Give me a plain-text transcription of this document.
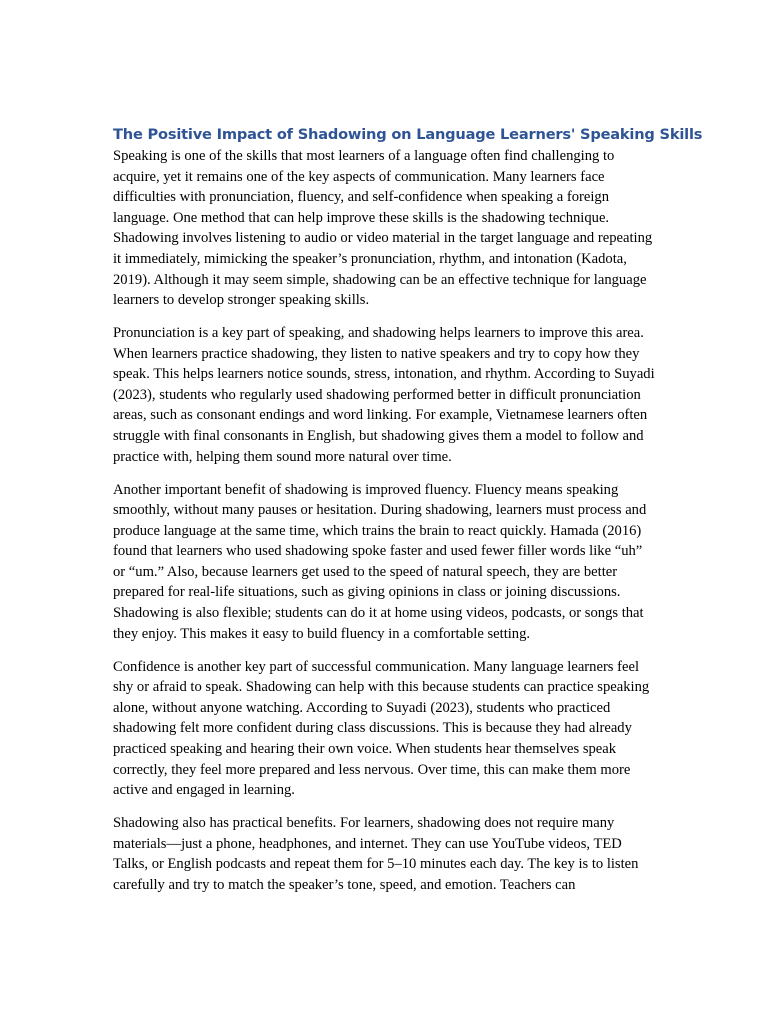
The Positive Impact of Shadowing on Language Learners' Speaking Skills

Speaking is one of the skills that most learners of a language often find challenging to acquire, yet it remains one of the key aspects of communication. Many learners face difficulties with pronunciation, fluency, and self-confidence when speaking a foreign language. One method that can help improve these skills is the shadowing technique. Shadowing involves listening to audio or video material in the target language and repeating it immediately, mimicking the speaker’s pronunciation, rhythm, and intonation (Kadota, 2019). Although it may seem simple, shadowing can be an effective technique for language learners to develop stronger speaking skills.

Pronunciation is a key part of speaking, and shadowing helps learners to improve this area. When learners practice shadowing, they listen to native speakers and try to copy how they speak. This helps learners notice sounds, stress, intonation, and rhythm. According to Suyadi (2023), students who regularly used shadowing performed better in difficult pronunciation areas, such as consonant endings and word linking. For example, Vietnamese learners often struggle with final consonants in English, but shadowing gives them a model to follow and practice with, helping them sound more natural over time.

Another important benefit of shadowing is improved fluency. Fluency means speaking smoothly, without many pauses or hesitation. During shadowing, learners must process and produce language at the same time, which trains the brain to react quickly. Hamada (2016) found that learners who used shadowing spoke faster and used fewer filler words like “uh” or “um.” Also, because learners get used to the speed of natural speech, they are better prepared for real-life situations, such as giving opinions in class or joining discussions. Shadowing is also flexible; students can do it at home using videos, podcasts, or songs that they enjoy. This makes it easy to build fluency in a comfortable setting.

Confidence is another key part of successful communication. Many language learners feel shy or afraid to speak. Shadowing can help with this because students can practice speaking alone, without anyone watching. According to Suyadi (2023), students who practiced shadowing felt more confident during class discussions. This is because they had already practiced speaking and hearing their own voice. When students hear themselves speak correctly, they feel more prepared and less nervous. Over time, this can make them more active and engaged in learning.

Shadowing also has practical benefits. For learners, shadowing does not require many materials—just a phone, headphones, and internet. They can use YouTube videos, TED Talks, or English podcasts and repeat them for 5–10 minutes each day. The key is to listen carefully and try to match the speaker’s tone, speed, and emotion. Teachers can
